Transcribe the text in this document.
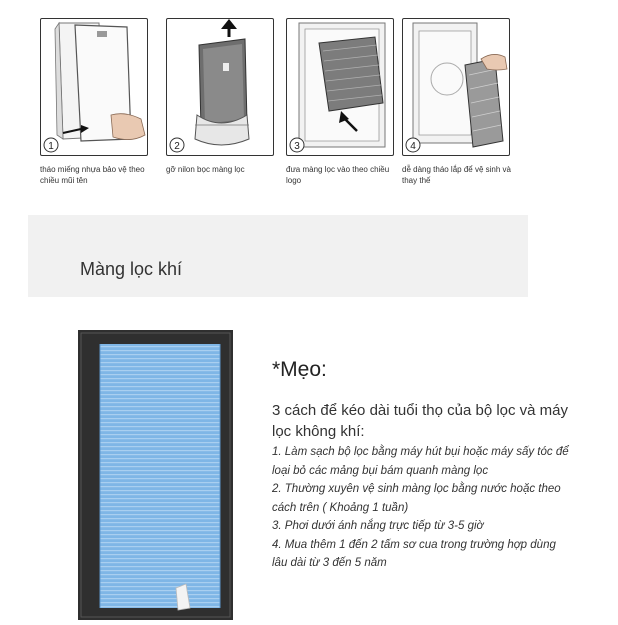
1
tháo miếng nhựa bảo vệ theo chiều mũi tên
2
gỡ nilon bọc màng lọc
3
đưa màng lọc vào theo chiều logo
4
dễ dàng tháo lắp để vệ sinh và thay thế
Màng lọc khí
*Mẹo:
3 cách để kéo dài tuổi thọ của bộ lọc và máy lọc không khí:
1. Làm sạch bộ lọc bằng máy hút bụi hoặc máy sấy tóc để loại bỏ các mảng bụi bám quanh màng lọc
2. Thường xuyên vệ sinh màng lọc bằng nước hoặc theo cách trên ( Khoảng 1 tuần)
3. Phơi dưới ánh nắng trực tiếp từ 3-5 giờ
4. Mua thêm 1 đến 2 tấm sơ cua trong trường hợp dùng lâu dài từ 3 đến 5 năm
